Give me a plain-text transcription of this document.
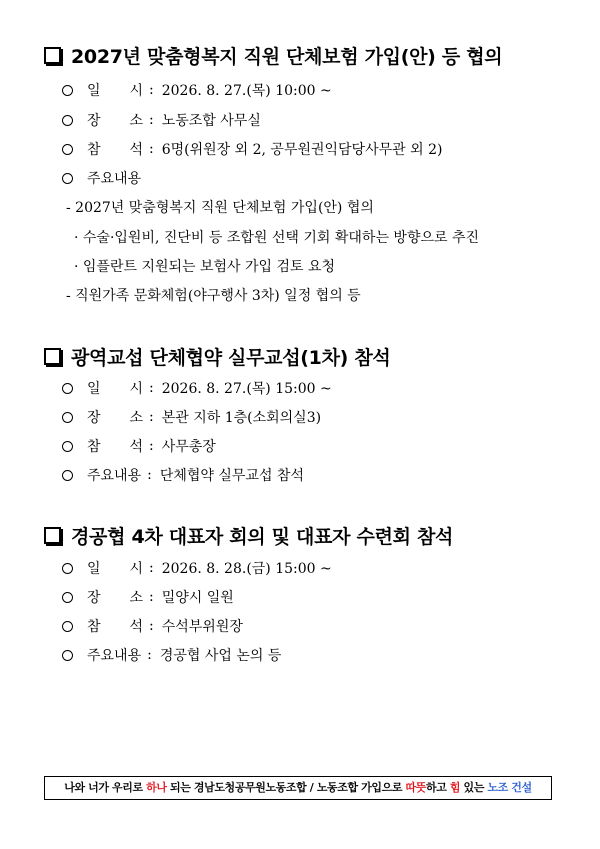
2027년 맞춤형복지 직원 단체보험 가입(안) 등 협의
일 시 : 2026. 8. 27.(목) 10:00 ~
장 소 : 노동조합 사무실
참 석 : 6명(위원장 외 2, 공무원권익담당사무관 외 2)
주요내용
- 2027년 맞춤형복지 직원 단체보험 가입(안) 협의
· 수술·입원비, 진단비 등 조합원 선택 기회 확대하는 방향으로 추진
· 임플란트 지원되는 보험사 가입 검토 요청
- 직원가족 문화체험(야구행사 3차) 일정 협의 등
광역교섭 단체협약 실무교섭(1차) 참석
일 시 : 2026. 8. 27.(목) 15:00 ~
장 소 : 본관 지하 1층(소회의실3)
참 석 : 사무총장
주요내용 : 단체협약 실무교섭 참석
경공협 4차 대표자 회의 및 대표자 수련회 참석
일 시 : 2026. 8. 28.(금) 15:00 ~
장 소 : 밀양시 일원
참 석 : 수석부위원장
주요내용 : 경공협 사업 논의 등
나와 너가 우리로 하나 되는 경남도청공무원노동조합 / 노동조합 가입으로 따뜻하고 힘 있는 노조 건설
